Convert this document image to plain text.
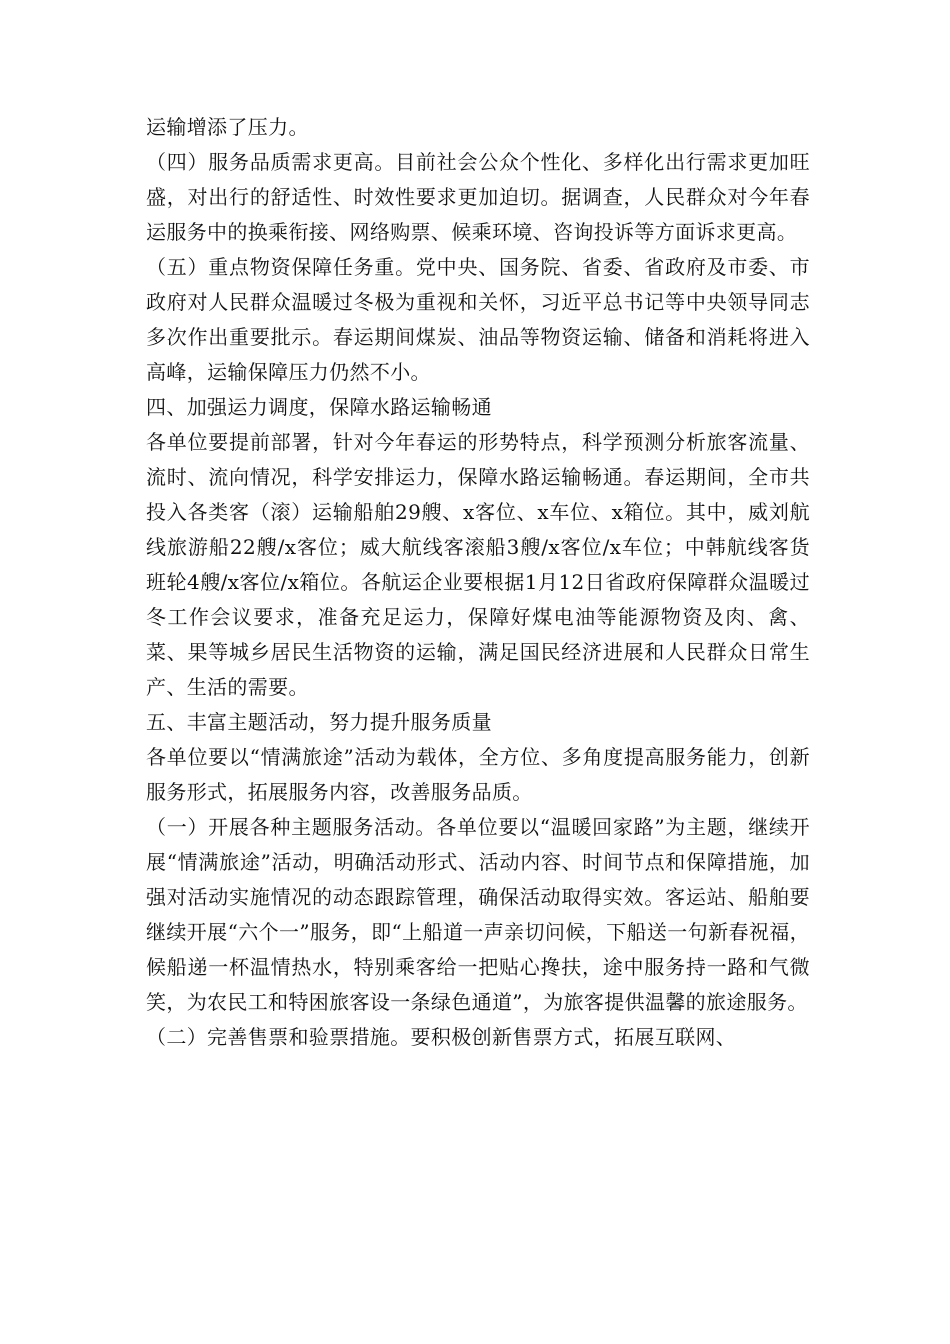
运输增添了压力。

（四）服务品质需求更高。目前社会公众个性化、多样化出行需求更加旺盛，对出行的舒适性、时效性要求更加迫切。据调查，人民群众对今年春运服务中的换乘衔接、网络购票、候乘环境、咨询投诉等方面诉求更高。

（五）重点物资保障任务重。党中央、国务院、省委、省政府及市委、市政府对人民群众温暖过冬极为重视和关怀，习近平总书记等中央领导同志多次作出重要批示。春运期间煤炭、油品等物资运输、储备和消耗将进入高峰，运输保障压力仍然不小。

四、加强运力调度，保障水路运输畅通

各单位要提前部署，针对今年春运的形势特点，科学预测分析旅客流量、流时、流向情况，科学安排运力，保障水路运输畅通。春运期间，全市共投入各类客（滚）运输船舶29艘、x客位、x车位、x箱位。其中，威刘航线旅游船22艘/x客位；威大航线客滚船3艘/x客位/x车位；中韩航线客货班轮4艘/x客位/x箱位。各航运企业要根据1月12日省政府保障群众温暖过冬工作会议要求，准备充足运力，保障好煤电油等能源物资及肉、禽、菜、果等城乡居民生活物资的运输，满足国民经济进展和人民群众日常生产、生活的需要。

五、丰富主题活动，努力提升服务质量

各单位要以“情满旅途”活动为载体，全方位、多角度提高服务能力，创新服务形式，拓展服务内容，改善服务品质。

（一）开展各种主题服务活动。各单位要以“温暖回家路”为主题，继续开展“情满旅途”活动，明确活动形式、活动内容、时间节点和保障措施，加强对活动实施情况的动态跟踪管理，确保活动取得实效。客运站、船舶要继续开展“六个一”服务，即“上船道一声亲切问候，下船送一句新春祝福，候船递一杯温情热水，特别乘客给一把贴心搀扶，途中服务持一路和气微笑，为农民工和特困旅客设一条绿色通道”，为旅客提供温馨的旅途服务。

（二）完善售票和验票措施。要积极创新售票方式，拓展互联网、
